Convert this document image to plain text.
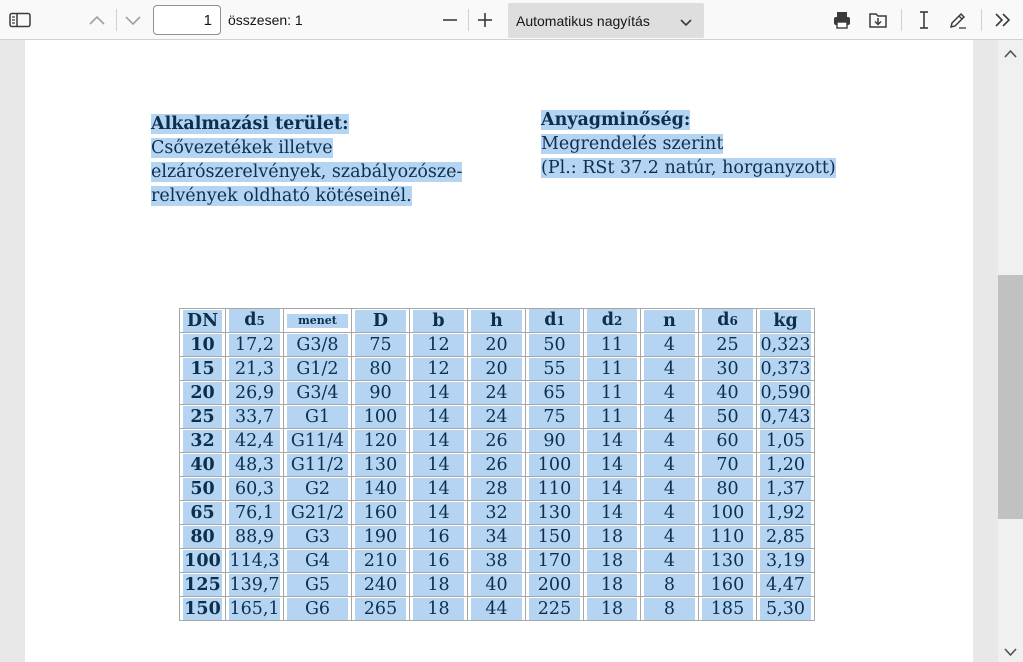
1
összesen: 1	Automatikus nagyítás
Alkalmazási terület:
Csővezetékek illetve
elzárószerelvények, szabályozósze-
relvények oldható kötéseinél.
Anyagminőség:
Megrendelés szerint
(Pl.: RSt 37.2 natúr, horganyzott)
DN	d5	menet	D	b	h	d1	d2	n	d6	kg

10	17,2	G3/8	75	12	20	50	11	4	25	0,323

15	21,3	G1/2	80	12	20	55	11	4	30	0,373

20	26,9	G3/4	90	14	24	65	11	4	40	0,590

25	33,7	G1	100	14	24	75	11	4	50	0,743

32	42,4	G11/4	120	14	26	90	14	4	60	1,05

40	48,3	G11/2	130	14	26	100	14	4	70	1,20

50	60,3	G2	140	14	28	110	14	4	80	1,37

65	76,1	G21/2	160	14	32	130	14	4	100	1,92

80	88,9	G3	190	16	34	150	18	4	110	2,85

100	114,3	G4	210	16	38	170	18	4	130	3,19

125	139,7	G5	240	18	40	200	18	8	160	4,47

150	165,1	G6	265	18	44	225	18	8	185	5,30
